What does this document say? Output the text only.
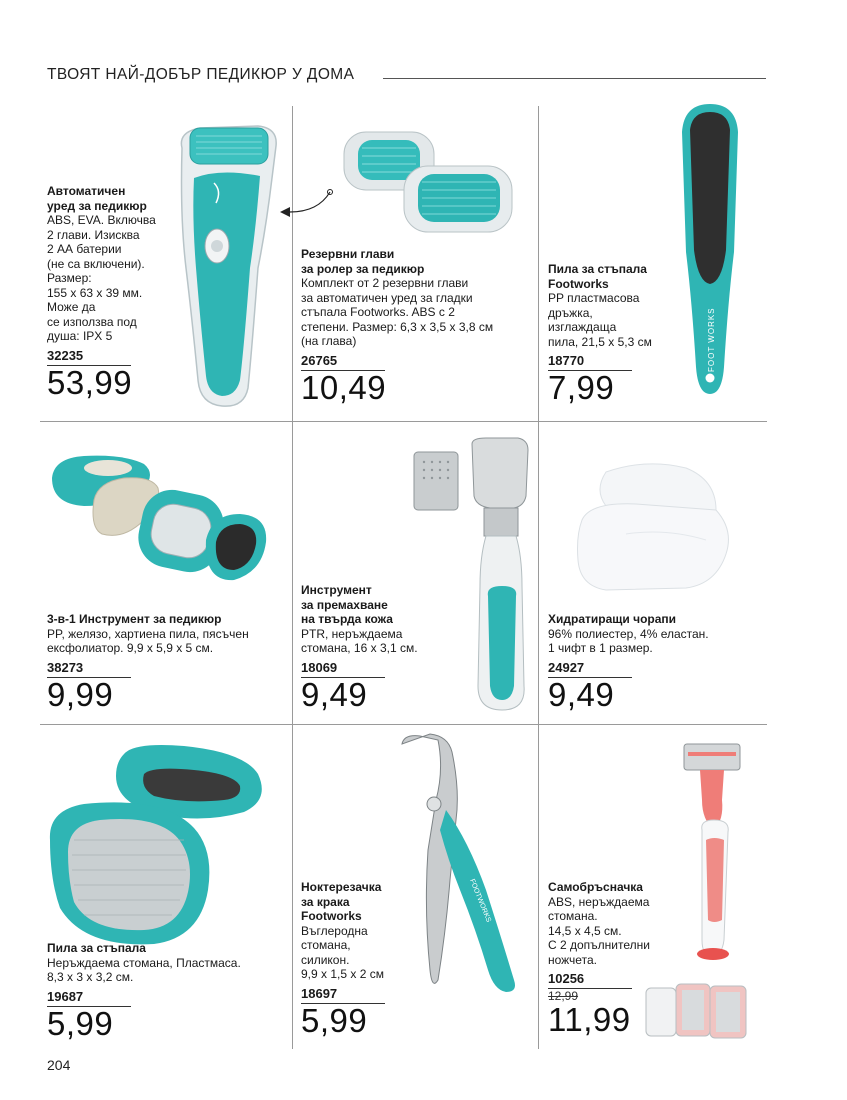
ТВОЯТ НАЙ-ДОБЪР ПЕДИКЮР У ДОМА
FOOT WORKS
FOOTWORKS
Автоматичен
уред за педикюр
ABS, EVA. Включва
2 глави. Изисква
2 АА батерии
(не са включени).
Размер:
155 х 63 х 39 мм.
Може да
се използва под
душа: IPX 5
32235
53,99
Резервни глави
за ролер за педикюр
Комплект от 2 резервни глави
за автоматичен уред за гладки
стъпала Footworks. ABS с 2
степени. Размер: 6,3 х 3,5 х 3,8 см
(на глава)
26765
10,49
Пила за стъпала
Footworks
PP пластмасова
дръжка,
изглаждаща
пила, 21,5 х 5,3 см
18770
7,99
3-в-1 Инструмент за педикюр
PP, желязо, хартиена пила, пясъчен
ексфолиатор. 9,9 х 5,9 х 5 см.
38273
9,99
Инструмент
за премахване
на твърда кожа
PTR, неръждаема
стомана, 16 х 3,1 см.
18069
9,49
Хидратиращи чорапи
96% полиестер, 4% еластан.
1 чифт в 1 размер.
24927
9,49
Пила за стъпала
Неръждаема стомана, Пластмаса.
8,3 х 3 х 3,2 см.
19687
5,99
Ноктерезачка
за крака
Footworks
Въглеродна
стомана,
силикон.
9,9 х 1,5 х 2 см
18697
5,99
Самобръсначка
ABS, неръждаема
стомана.
14,5 х 4,5 см.
С 2 допълнителни
ножчета.
10256
12,99
11,99
204
